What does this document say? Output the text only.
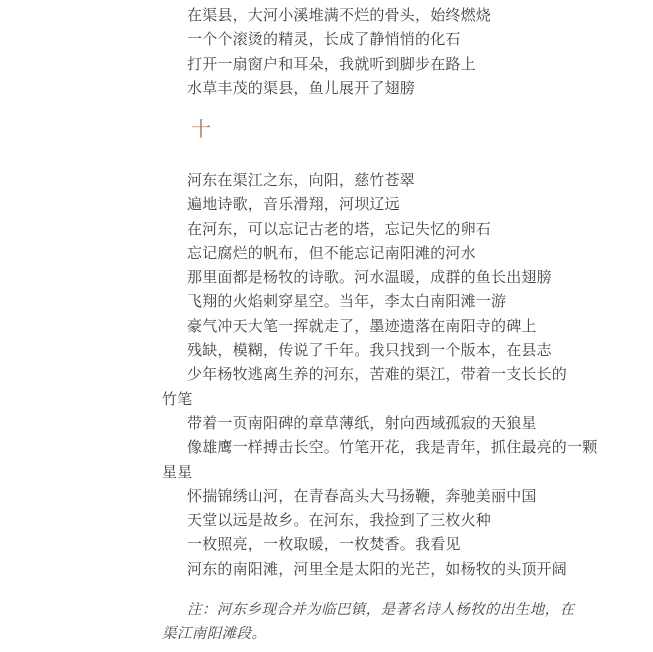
在渠县，大河小溪堆满不烂的骨头，始终燃烧
一个个滚烫的精灵，长成了静悄悄的化石
打开一扇窗户和耳朵，我就听到脚步在路上
水草丰茂的渠县，鱼儿展开了翅膀
十
河东在渠江之东，向阳，慈竹苍翠
遍地诗歌，音乐滑翔，河坝辽远
在河东，可以忘记古老的塔，忘记失忆的卵石
忘记腐烂的帆布，但不能忘记南阳滩的河水
那里面都是杨牧的诗歌。河水温暖，成群的鱼长出翅膀
飞翔的火焰刺穿星空。当年，李太白南阳滩一游
豪气冲天大笔一挥就走了，墨迹遗落在南阳寺的碑上
残缺，模糊，传说了千年。我只找到一个版本，在县志
少年杨牧逃离生养的河东，苦难的渠江，带着一支长长的
竹笔
带着一页南阳碑的章草薄纸，射向西域孤寂的天狼星
像雄鹰一样搏击长空。竹笔开花，我是青年，抓住最亮的一颗
星星
怀揣锦绣山河，在青春高头大马扬鞭，奔驰美丽中国
天堂以远是故乡。在河东，我捡到了三枚火种
一枚照亮，一枚取暖，一枚焚香。我看见
河东的南阳滩，河里全是太阳的光芒，如杨牧的头顶开阔
注：河东乡现合并为临巴镇，是著名诗人杨牧的出生地，在
渠江南阳滩段。
